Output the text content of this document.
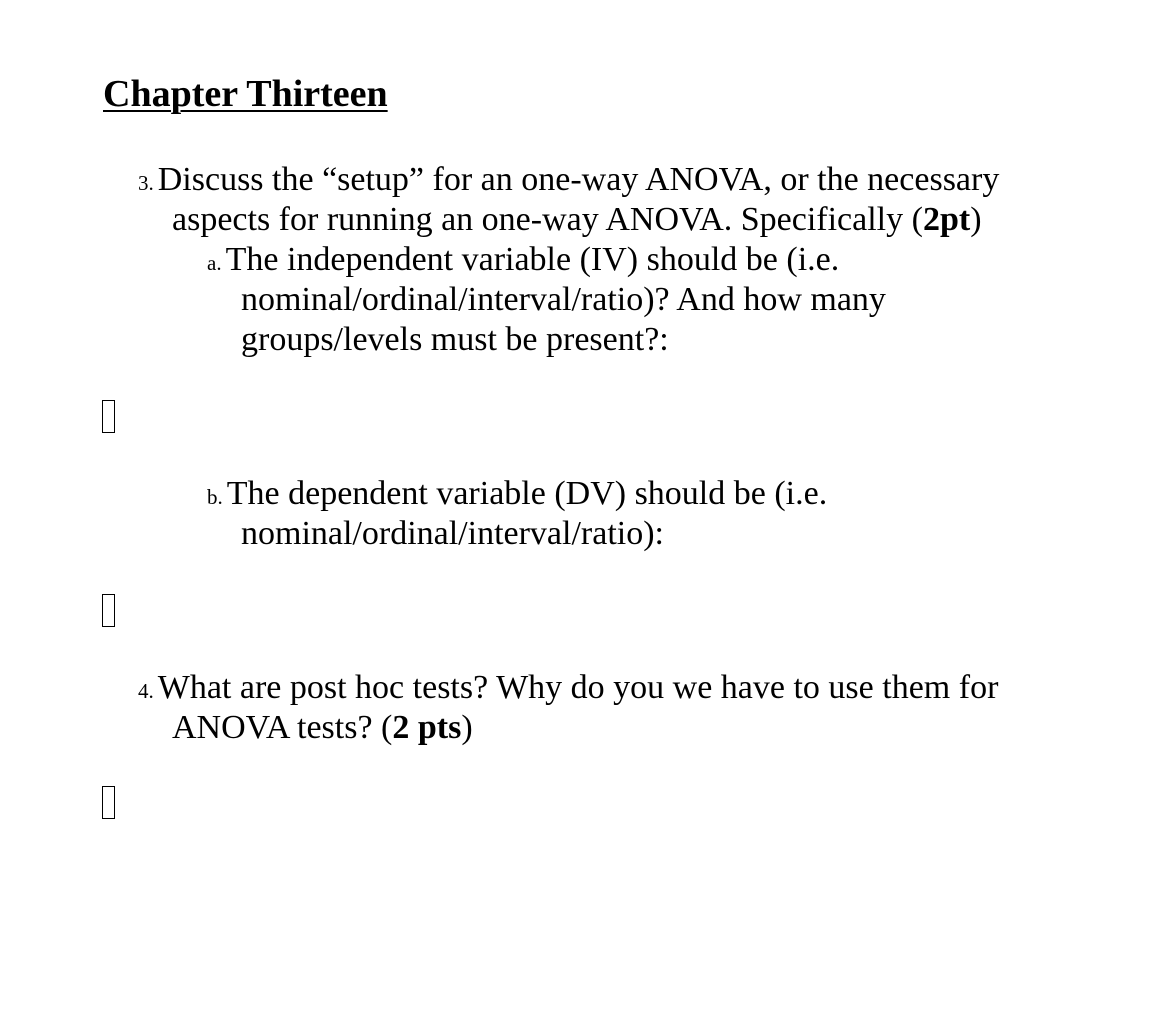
Chapter Thirteen
3. Discuss the “setup” for an one-way ANOVA, or the necessary
aspects for running an one-way ANOVA. Specifically (2pt)
a. The independent variable (IV) should be (i.e.
nominal/ordinal/interval/ratio)? And how many
groups/levels must be present?:
b. The dependent variable (DV) should be (i.e.
nominal/ordinal/interval/ratio):
4. What are post hoc tests? Why do you we have to use them for
ANOVA tests? (2 pts)
